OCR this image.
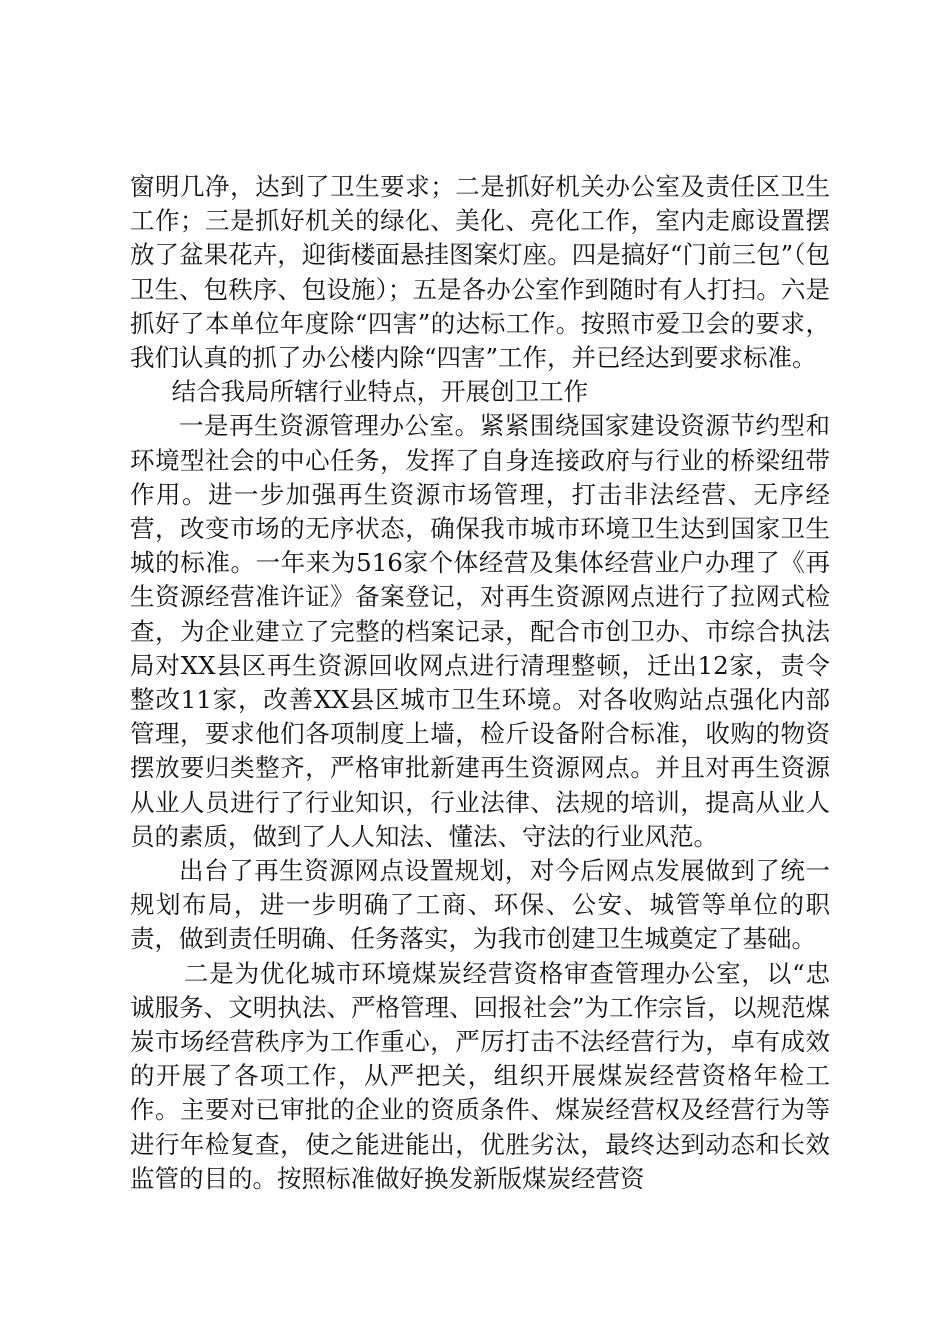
窗明几净，达到了卫生要求；二是抓好机关办公室及责任区卫生工作；三是抓好机关的绿化、美化、亮化工作，室内走廊设置摆放了盆果花卉，迎街楼面悬挂图案灯座。四是搞好“门前三包”（包卫生、包秩序、包设施）；五是各办公室作到随时有人打扫。六是抓好了本单位年度除“四害”的达标工作。按照市爱卫会的要求，我们认真的抓了办公楼内除“四害”工作，并已经达到要求标准。

结合我局所辖行业特点，开展创卫工作

一是再生资源管理办公室。紧紧围绕国家建设资源节约型和环境型社会的中心任务，发挥了自身连接政府与行业的桥梁纽带作用。进一步加强再生资源市场管理，打击非法经营、无序经营，改变市场的无序状态，确保我市城市环境卫生达到国家卫生城的标准。一年来为516家个体经营及集体经营业户办理了《再生资源经营准许证》备案登记，对再生资源网点进行了拉网式检查，为企业建立了完整的档案记录，配合市创卫办、市综合执法局对XX县区再生资源回收网点进行清理整顿，迁出12家，责令整改11家，改善XX县区城市卫生环境。对各收购站点强化内部管理，要求他们各项制度上墙，检斤设备附合标准，收购的物资摆放要归类整齐，严格审批新建再生资源网点。并且对再生资源从业人员进行了行业知识，行业法律、法规的培训，提高从业人员的素质，做到了人人知法、懂法、守法的行业风范。

出台了再生资源网点设置规划，对今后网点发展做到了统一规划布局，进一步明确了工商、环保、公安、城管等单位的职责，做到责任明确、任务落实，为我市创建卫生城奠定了基础。

二是为优化城市环境煤炭经营资格审查管理办公室，以“忠诚服务、文明执法、严格管理、回报社会”为工作宗旨，以规范煤炭市场经营秩序为工作重心，严厉打击不法经营行为，卓有成效的开展了各项工作，从严把关，组织开展煤炭经营资格年检工作。主要对已审批的企业的资质条件、煤炭经营权及经营行为等进行年检复查，使之能进能出，优胜劣汰，最终达到动态和长效监管的目的。按照标准做好换发新版煤炭经营资
